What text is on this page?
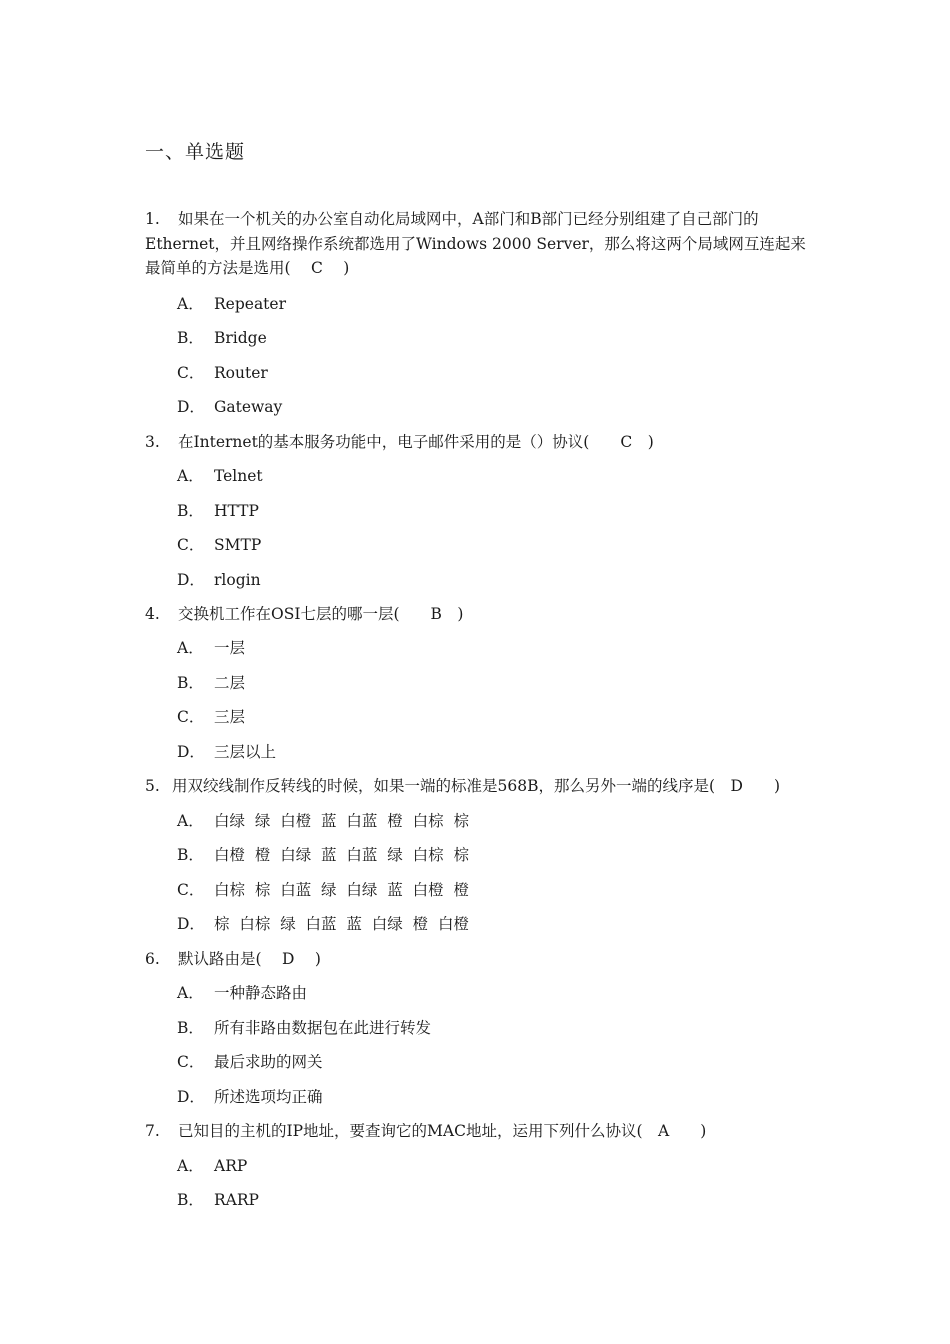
一、单选题
1. 如果在一个机关的办公室自动化局域网中，A部门和B部门已经分别组建了自己部门的
Ethernet，并且网络操作系统都选用了Windows 2000 Server，那么将这两个局域网互连起来
最简单的方法是选用(　 C　 )
A． Repeater
B． Bridge
C． Router
D． Gateway
3. 在Internet的基本服务功能中，电子邮件采用的是（）协议(　　C　)
A． Telnet
B． HTTP
C． SMTP
D． rlogin
4. 交换机工作在OSI七层的哪一层(　　B　)
A． 一层
B． 二层
C． 三层
D． 三层以上
5. 用双绞线制作反转线的时候，如果一端的标准是568B，那么另外一端的线序是(　D　　)
A． 白绿  绿  白橙  蓝  白蓝  橙  白棕  棕
B． 白橙  橙  白绿  蓝  白蓝  绿  白棕  棕
C． 白棕  棕  白蓝  绿  白绿  蓝  白橙  橙
D． 棕  白棕  绿  白蓝  蓝  白绿  橙  白橙
6. 默认路由是(　 D　 )
A． 一种静态路由
B． 所有非路由数据包在此进行转发
C． 最后求助的网关
D． 所述选项均正确
7. 已知目的主机的IP地址，要查询它的MAC地址，运用下列什么协议(　A　　)
A． ARP
B． RARP
